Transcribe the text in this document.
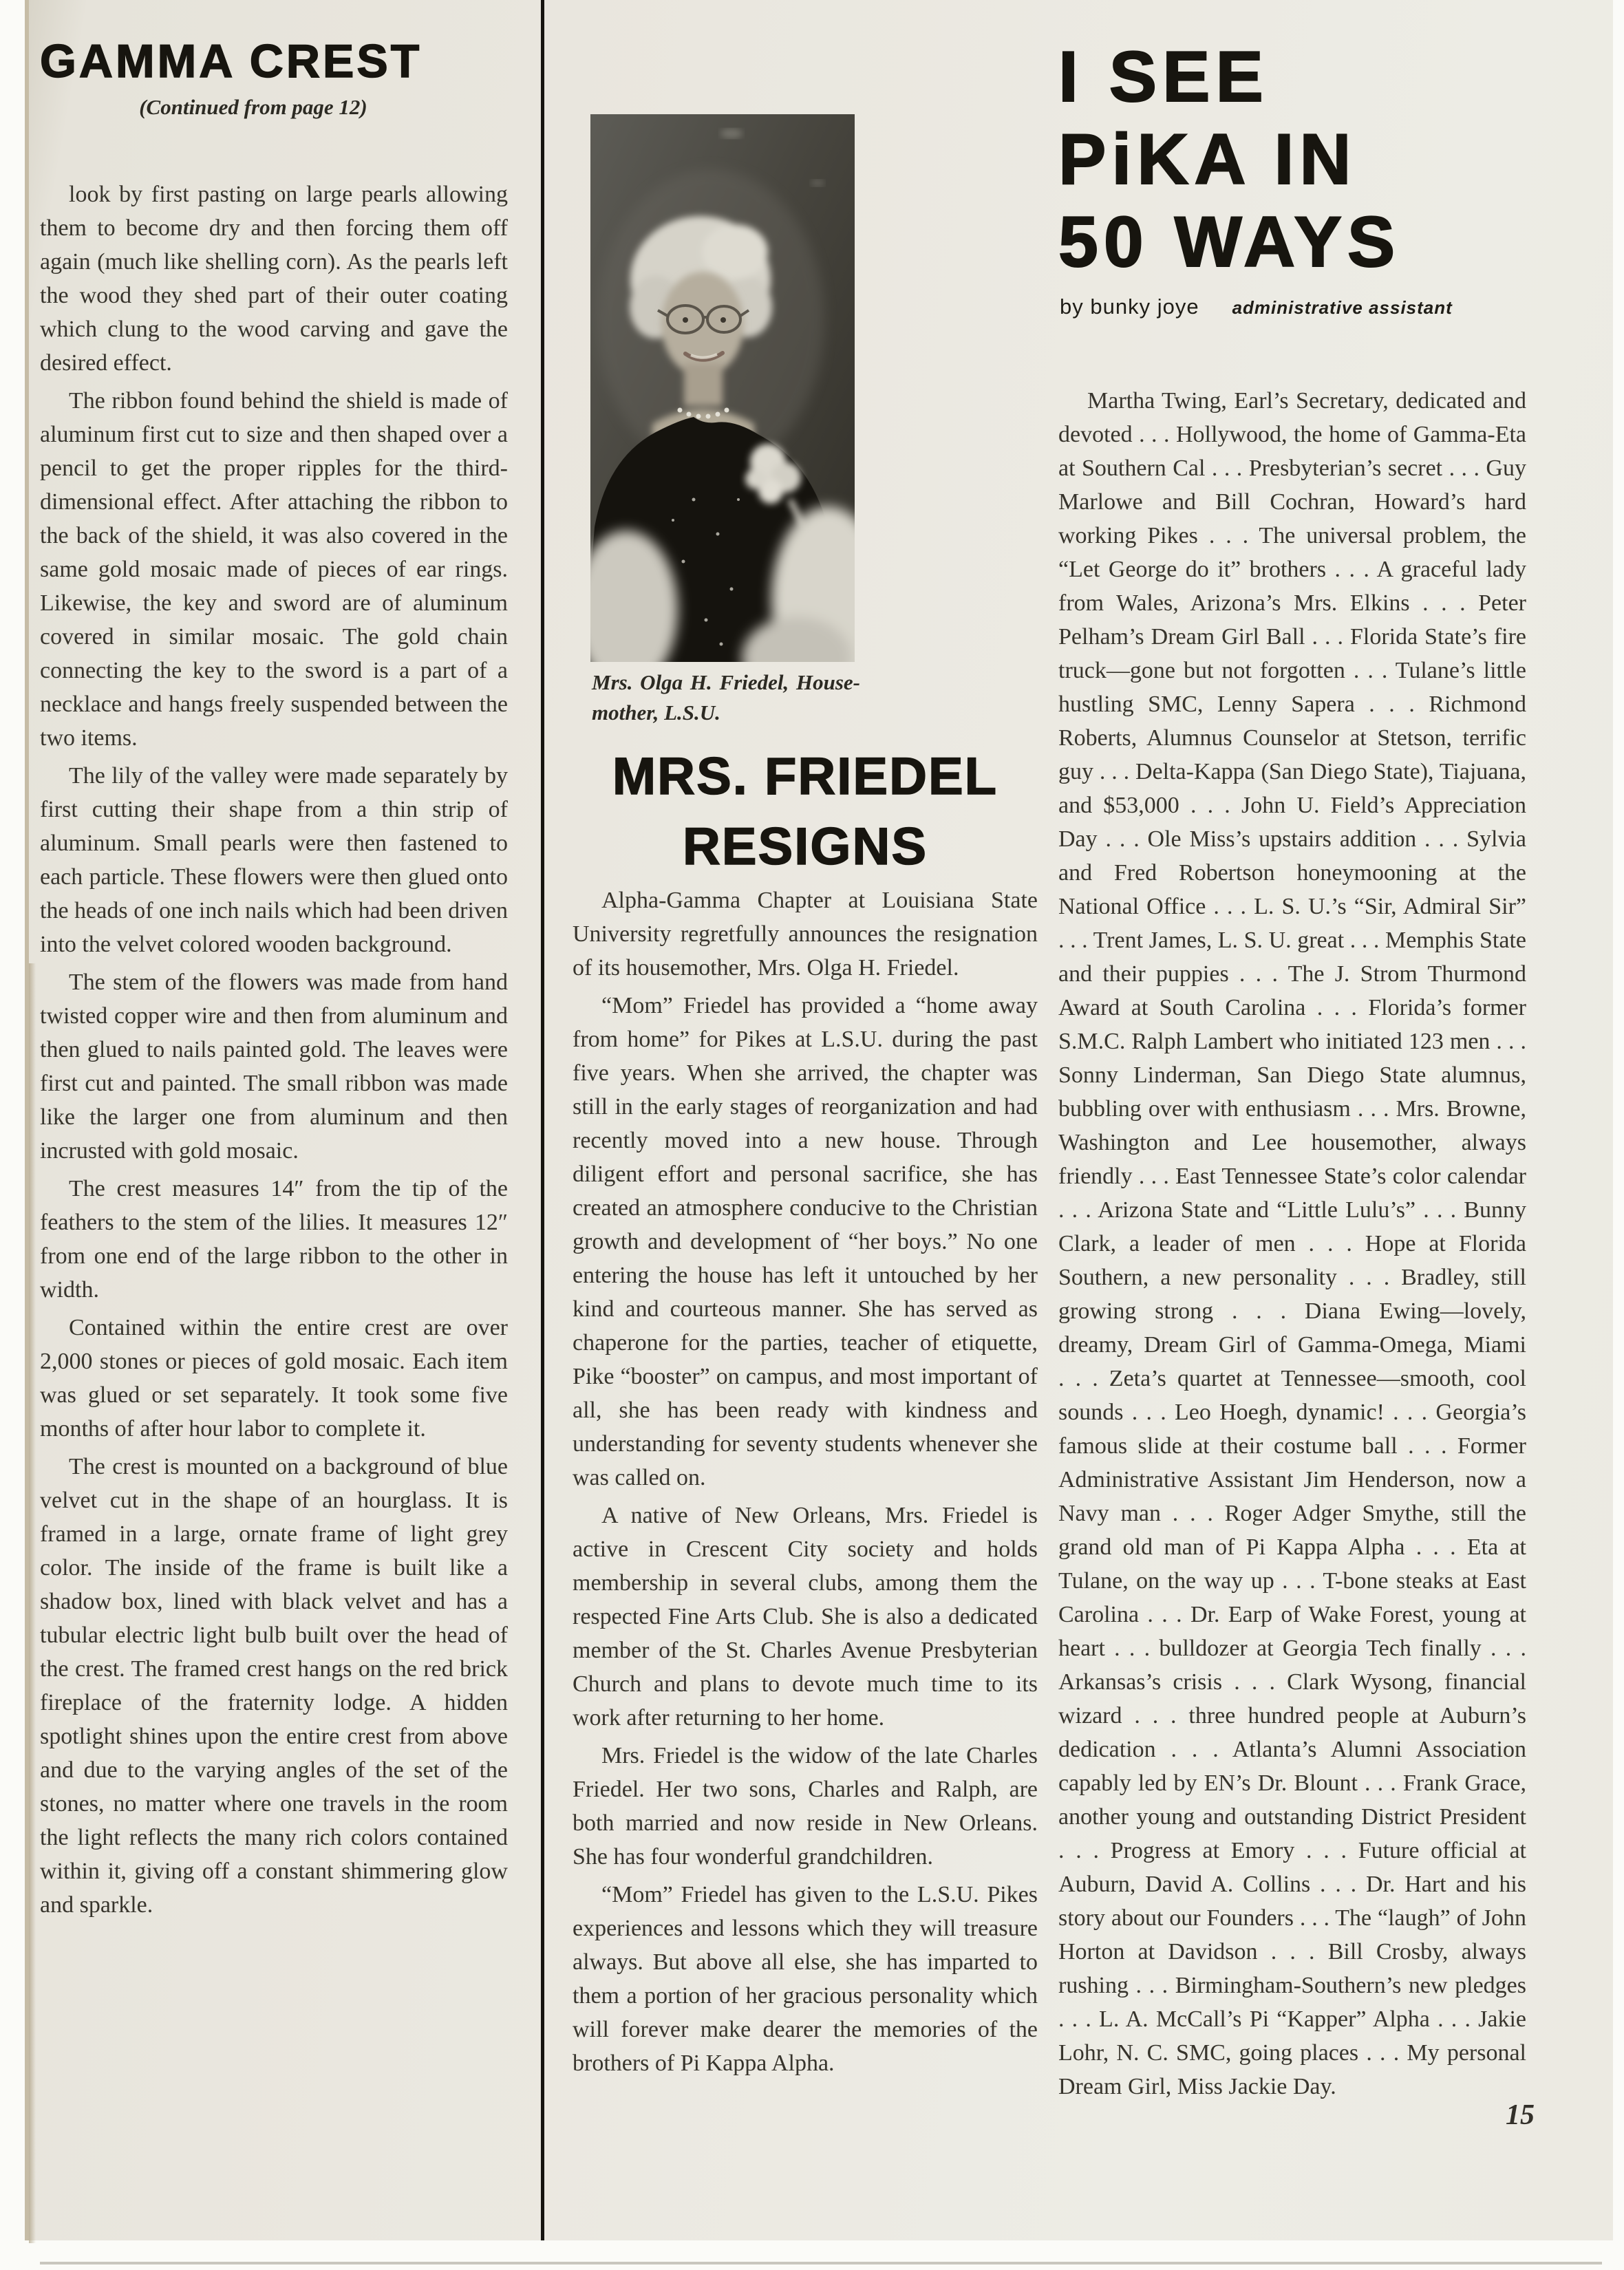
GAMMA CREST
(Continued from page 12)

look by first pasting on large pearls allowing them to become dry and then forcing them off again (much like shelling corn). As the pearls left the wood they shed part of their outer coating which clung to the wood carving and gave the desired effect.

The ribbon found behind the shield is made of aluminum first cut to size and then shaped over a pencil to get the proper ripples for the third-dimensional effect. After attaching the ribbon to the back of the shield, it was also covered in the same gold mosaic made of pieces of ear rings. Likewise, the key and sword are of aluminum covered in similar mosaic. The gold chain connecting the key to the sword is a part of a necklace and hangs freely suspended between the two items.

The lily of the valley were made separately by first cutting their shape from a thin strip of aluminum. Small pearls were then fastened to each particle. These flowers were then glued onto the heads of one inch nails which had been driven into the velvet colored wooden background.

The stem of the flowers was made from hand twisted copper wire and then from aluminum and then glued to nails painted gold. The leaves were first cut and painted. The small ribbon was made like the larger one from aluminum and then incrusted with gold mosaic.

The crest measures 14″ from the tip of the feathers to the stem of the lilies. It measures 12″ from one end of the large ribbon to the other in width.

Contained within the entire crest are over 2,000 stones or pieces of gold mosaic. Each item was glued or set separately. It took some five months of after hour labor to complete it.

The crest is mounted on a background of blue velvet cut in the shape of an hourglass. It is framed in a large, ornate frame of light grey color. The inside of the frame is built like a shadow box, lined with black velvet and has a tubular electric light bulb built over the head of the crest. The framed crest hangs on the red brick fireplace of the fraternity lodge. A hidden spotlight shines upon the entire crest from above and due to the varying angles of the set of the stones, no matter where one travels in the room the light reflects the many rich colors contained within it, giving off a constant shimmering glow and sparkle.

Mrs. Olga H. Friedel, House-
mother, L.S.U.
MRS. FRIEDEL
RESIGNS

Alpha-Gamma Chapter at Louisiana State University regretfully announces the resignation of its housemother, Mrs. Olga H. Friedel.

“Mom” Friedel has provided a “home away from home” for Pikes at L.S.U. during the past five years. When she arrived, the chapter was still in the early stages of reorganization and had recently moved into a new house. Through diligent effort and personal sacrifice, she has created an atmosphere conducive to the Christian growth and development of “her boys.” No one entering the house has left it untouched by her kind and courteous manner. She has served as chaperone for the parties, teacher of etiquette, Pike “booster” on campus, and most important of all, she has been ready with kindness and understanding for seventy students whenever she was called on.

A native of New Orleans, Mrs. Friedel is active in Crescent City society and holds membership in several clubs, among them the respected Fine Arts Club. She is also a dedicated member of the St. Charles Avenue Presbyterian Church and plans to devote much time to its work after returning to her home.

Mrs. Friedel is the widow of the late Charles Friedel. Her two sons, Charles and Ralph, are both married and now reside in New Orleans. She has four wonderful grandchildren.

“Mom” Friedel has given to the L.S.U. Pikes experiences and lessons which they will treasure always. But above all else, she has imparted to them a portion of her gracious personality which will forever make dearer the memories of the brothers of Pi Kappa Alpha.

I SEE
PiKA IN
50 WAYS
by bunky joye administrative assistant

Martha Twing, Earl’s Secretary, dedicated and devoted . . . Hollywood, the home of Gamma-Eta at Southern Cal . . . Presbyterian’s secret . . . Guy Marlowe and Bill Cochran, Howard’s hard working Pikes . . . The universal problem, the “Let George do it” brothers . . . A graceful lady from Wales, Arizona’s Mrs. Elkins . . . Peter Pelham’s Dream Girl Ball . . . Florida State’s fire truck—gone but not forgotten . . . Tulane’s little hustling SMC, Lenny Sapera . . . Richmond Roberts, Alumnus Counselor at Stetson, terrific guy . . . Delta-Kappa (San Diego State), Tiajuana, and $53,000 . . . John U. Field’s Appreciation Day . . . Ole Miss’s upstairs addition . . . Sylvia and Fred Robertson honeymooning at the National Office . . . L. S. U.’s “Sir, Admiral Sir” . . . Trent James, L. S. U. great . . . Memphis State and their puppies . . . The J. Strom Thurmond Award at South Carolina . . . Florida’s former S.M.C. Ralph Lambert who initiated 123 men . . . Sonny Linderman, San Diego State alumnus, bubbling over with enthusiasm . . . Mrs. Browne, Washington and Lee housemother, always friendly . . . East Tennessee State’s color calendar . . . Arizona State and “Little Lulu’s” . . . Bunny Clark, a leader of men . . . Hope at Florida Southern, a new personality . . . Bradley, still growing strong . . . Diana Ewing—lovely, dreamy, Dream Girl of Gamma-Omega, Miami . . . Zeta’s quartet at Tennessee—smooth, cool sounds . . . Leo Hoegh, dynamic! . . . Georgia’s famous slide at their costume ball . . . Former Administrative Assistant Jim Henderson, now a Navy man . . . Roger Adger Smythe, still the grand old man of Pi Kappa Alpha . . . Eta at Tulane, on the way up . . . T-bone steaks at East Carolina . . . Dr. Earp of Wake Forest, young at heart . . . bulldozer at Georgia Tech finally . . . Arkansas’s crisis . . . Clark Wysong, financial wizard . . . three hundred people at Auburn’s dedication . . . Atlanta’s Alumni Association capably led by EN’s Dr. Blount . . . Frank Grace, another young and outstanding District President . . . Progress at Emory . . . Future official at Auburn, David A. Collins . . . Dr. Hart and his story about our Founders . . . The “laugh” of John Horton at Davidson . . . Bill Crosby, always rushing . . . Birmingham-Southern’s new pledges . . . L. A. McCall’s Pi “Kapper” Alpha . . . Jakie Lohr, N. C. SMC, going places . . . My personal Dream Girl, Miss Jackie Day.

15
